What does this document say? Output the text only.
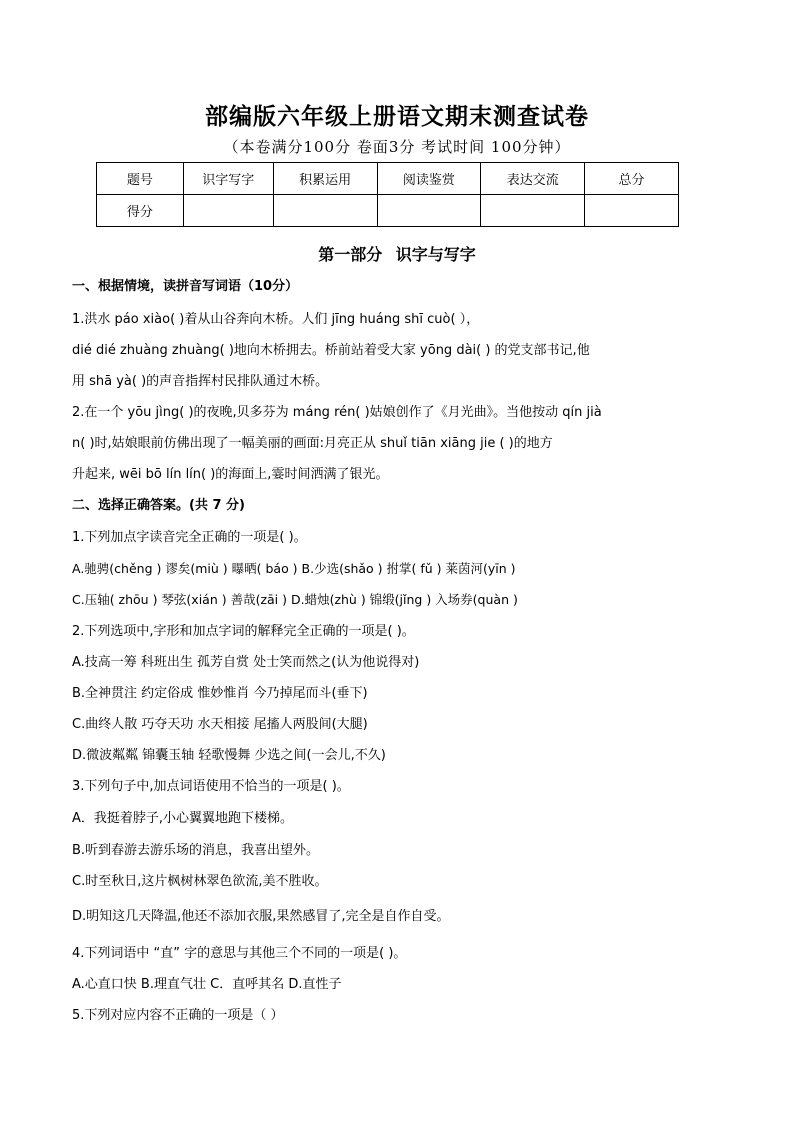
部编版六年级上册语文期末测查试卷
（本卷满分100分 卷面3分 考试时间 100分钟）
题号	识字写字	积累运用	阅读鉴赏	表达交流	总分
得分					
第一部分 识字与写字
一、根据情境，读拼音写词语（10分）
1.洪水 páo xiào( )着从山谷奔向木桥。人们 jīng huáng shī cuò( ），
dié dié zhuàng zhuàng( )地向木桥拥去。桥前站着受大家 yōng dài( ) 的党支部书记,他
用 shā yà( )的声音指挥村民排队通过木桥。
2.在一个 yōu jìng( )的夜晚,贝多芬为 máng rén( )姑娘创作了《月光曲》。当他按动 qín jià
n( )时,姑娘眼前仿佛出现了一幅美丽的画面:月亮正从 shuǐ tiān xiāng jie ( )的地方
升起来, wēi bō lín lín( )的海面上,霎时间洒满了银光。
二、选择正确答案。(共 7 分)
1.下列加点字读音完全正确的一项是( )。
A.驰骋(chěng ) 谬矣(miù ) 曝晒( báo ) B.少选(shǎo ) 拊掌( fǔ ) 莱茵河(yīn )
C.压轴( zhōu ) 琴弦(xián ) 善哉(zāi ) D.蜡烛(zhù ) 锦缎(jǐng ) 入场券(quàn )
2.下列选项中,字形和加点字词的解释完全正确的一项是( )。
A.技高一筹 科班出生 孤芳自赏 处士笑而然之(认为他说得对)
B.全神贯注 约定俗成 惟妙惟肖 今乃掉尾而斗(垂下)
C.曲终人散 巧夺天功 水天相接 尾搐人两股间(大腿)
D.微波粼粼 锦囊玉轴 轻歌慢舞 少选之间(一会儿,不久)
3.下列句子中,加点词语使用不恰当的一项是( )。
A．我挺着脖子,小心翼翼地跑下楼梯。
B.听到春游去游乐场的消息，我喜出望外。
C.时至秋日,这片枫树林翠色欲流,美不胜收。
D.明知这几天降温,他还不添加衣服,果然感冒了,完全是自作自受。
4.下列词语中 “直” 字的意思与其他三个不同的一项是( )。
A.心直口快 B.理直气壮 C．直呼其名 D.直性子
5.下列对应内容不正确的一项是（ ）
